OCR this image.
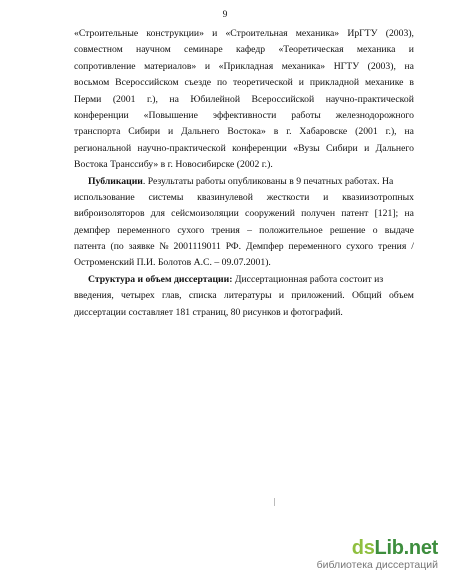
9
«Строительные конструкции» и «Строительная механика» ИрГТУ (2003),
совместном научном семинаре кафедр «Теоретическая механика и
сопротивление материалов» и «Прикладная механика» НГТУ (2003), на
восьмом Всероссийском съезде по теоретической и прикладной механике в
Перми (2001 г.), на Юбилейной Всероссийской научно-практической
конференции «Повышение эффективности работы железнодорожного
транспорта Сибири и Дальнего Востока» в г. Хабаровске (2001 г.), на
региональной научно-практической конференции «Вузы Сибири и Дальнего
Востока Транссибу» в г. Новосибирске (2002 г.).
Публикации. Результаты работы опубликованы в 9 печатных работах. На
использование системы квазинулевой жесткости и квазиизотропных
виброизоляторов для сейсмоизоляции сооружений получен патент [121]; на
демпфер переменного сухого трения – положительное решение о выдаче
патента (по заявке № 2001119011 РФ. Демпфер переменного сухого трения /
Остроменский П.И. Болотов А.С. – 09.07.2001).
Структура и объем диссертации: Диссертационная работа состоит из
введения, четырех глав, списка литературы и приложений. Общий объем
диссертации составляет 181 страниц, 80 рисунков и фотографий.
dsLib.net
библиотека диссертаций
